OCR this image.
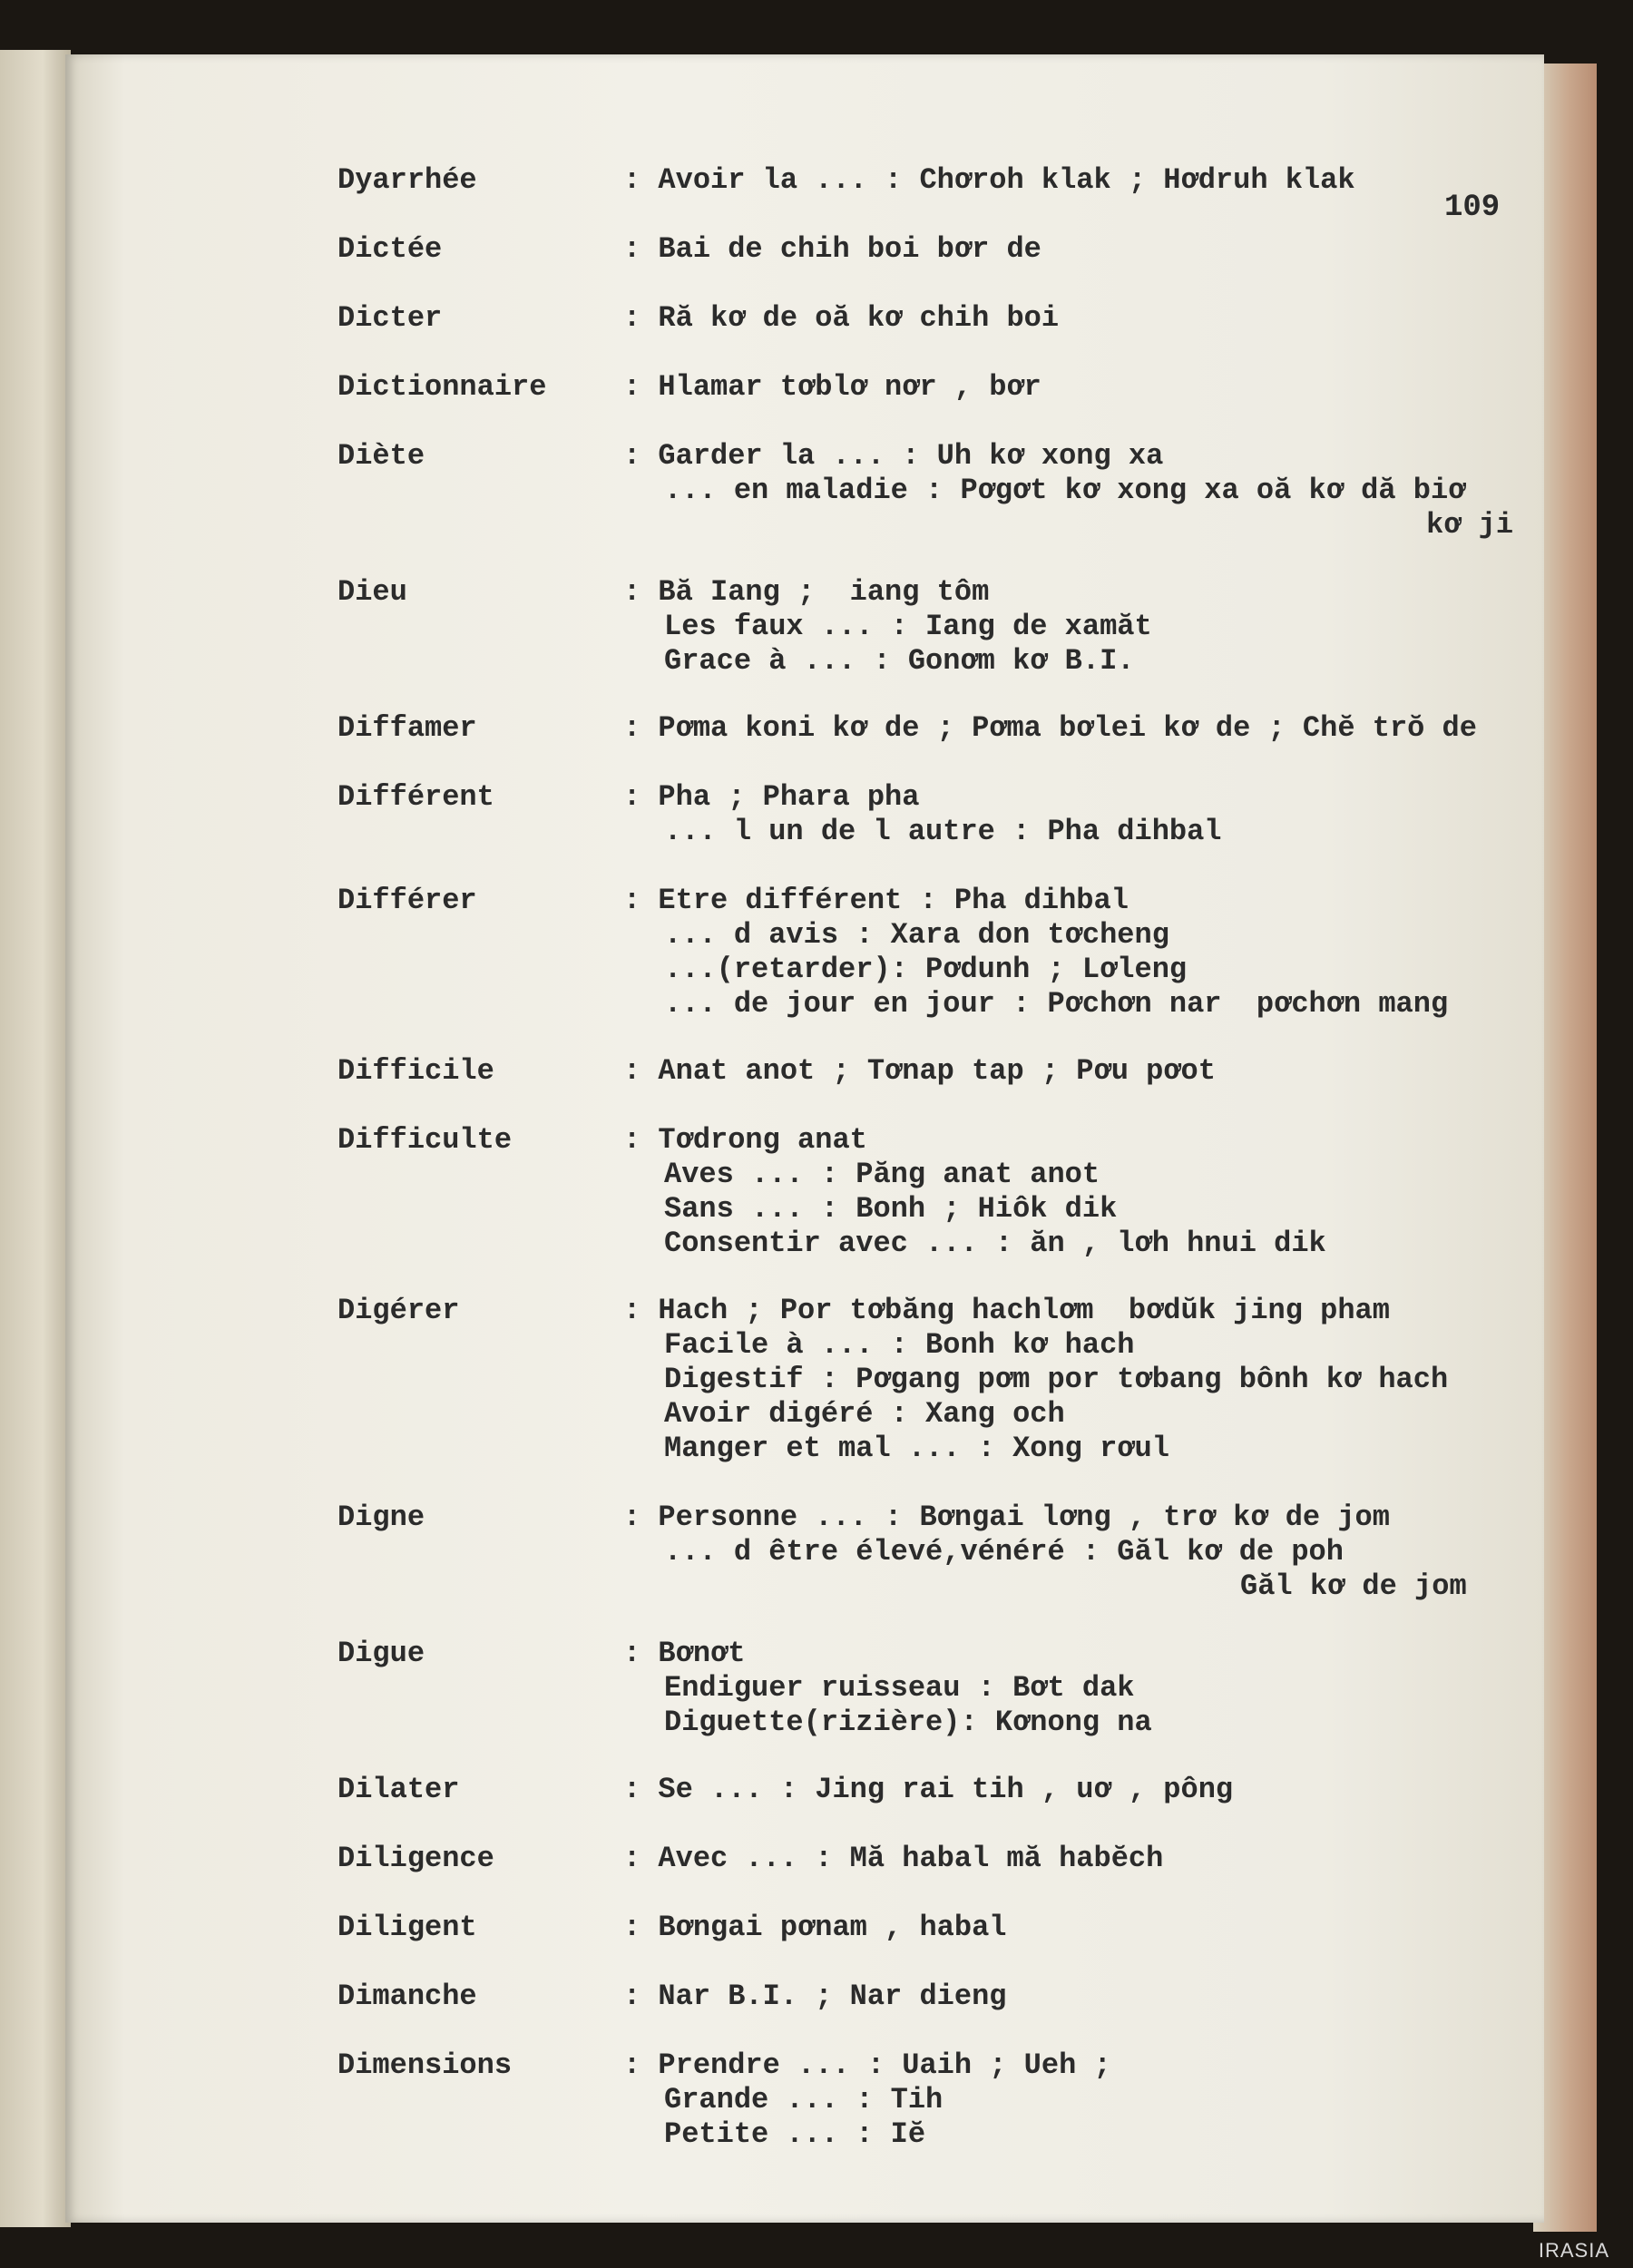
109
Dyarrhée	: Avoir la ... : Chơroh klak ; Hơdruh klak
Dictée	: Bai de chih boi bơr de
Dicter	: Ră kơ de oă kơ chih boi
Dictionnaire	: Hlamar tơblơ nơr , bơr
Diète	: Garder la ... : Uh kơ xong xa
... en maladie : Pơgơt kơ xong xa oă kơ dă biơ
kơ ji
Dieu	: Bă Iang ;  iang tôm
Les faux ... : Iang de xamăt
Grace à ... : Gonơm kơ B.I.
Diffamer	: Pơma koni kơ de ; Pơma bơlei kơ de ; Chĕ trŏ de
Différent	: Pha ; Phara pha
... l un de l autre : Pha dihbal
Différer	: Etre différent : Pha dihbal
... d avis : Xara don tơcheng
...(retarder): Pơdunh ; Lơleng
... de jour en jour : Pơchơn nar  pơchơn mang
Difficile	: Anat anot ; Tơnap tap ; Pơu pơot
Difficulte	: Tơdrong anat
Aves ... : Păng anat anot
Sans ... : Bonh ; Hiôk dik
Consentir avec ... : ăn , lơh hnui dik
Digérer	: Hach ; Por tơbăng hachlơm  bơdŭk jing pham
Facile à ... : Bonh kơ hach
Digestif : Pơgang pơm por tơbang bônh kơ hach
Avoir digéré : Xang och
Manger et mal ... : Xong rơul
Digne	: Personne ... : Bơngai lơng , trơ kơ de jom
... d être élevé,vénéré : Găl kơ de poh
Găl kơ de jom
Digue	: Bơnơt
Endiguer ruisseau : Bơt dak
Diguette(rizière): Kơnong na
Dilater	: Se ... : Jing rai tih , uơ , pông
Diligence	: Avec ... : Mă habal mă habĕch
Diligent	: Bơngai pơnam , habal
Dimanche	: Nar B.I. ; Nar dieng
Dimensions	: Prendre ... : Uaih ; Ueh ;
Grande ... : Tih
Petite ... : Iĕ
IRASIA
